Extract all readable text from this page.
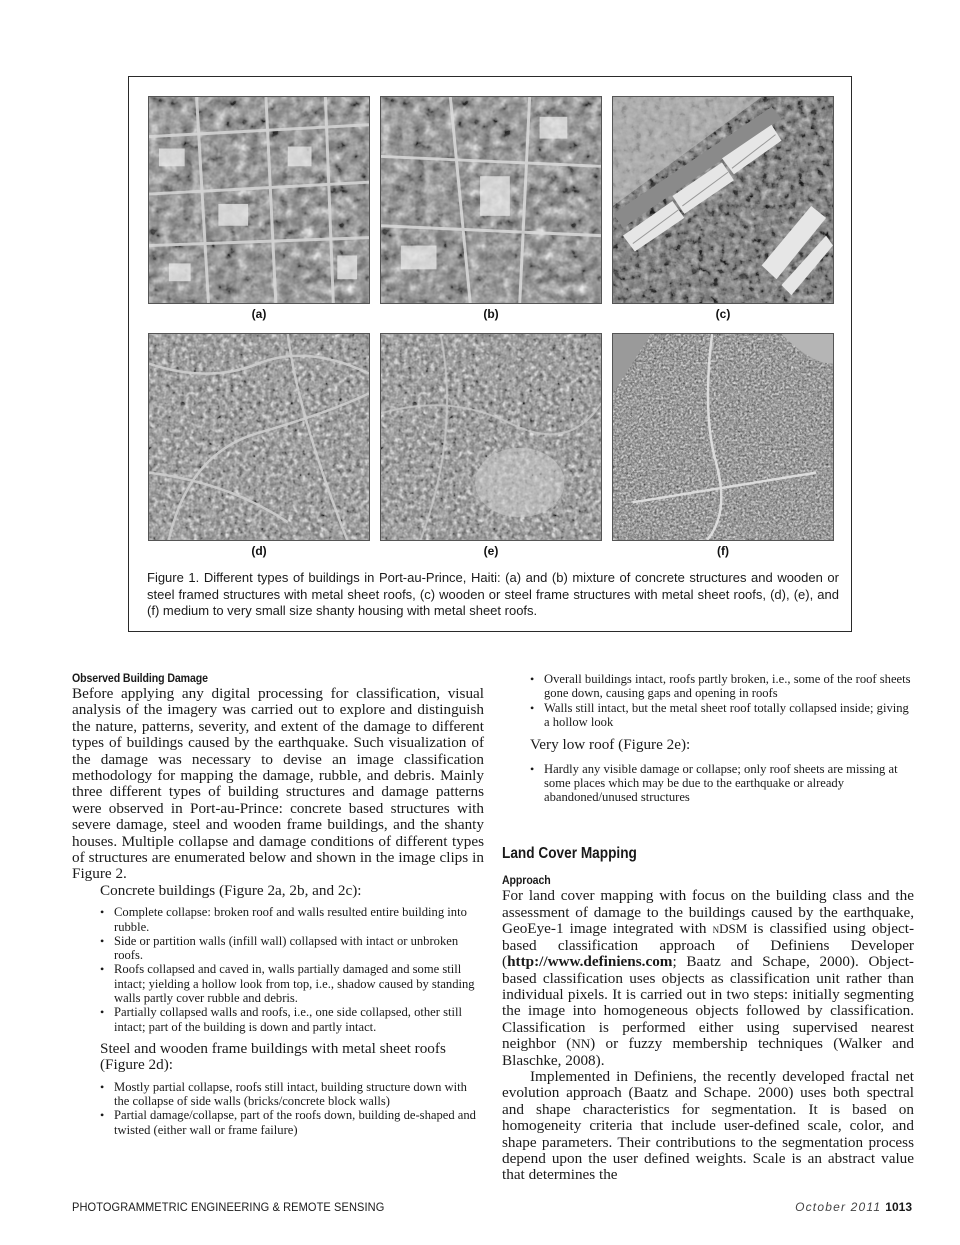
(a)	(b)	(c)
(d)	(e)	(f)
Figure 1. Different types of buildings in Port-au-Prince, Haiti: (a) and (b) mixture of concrete structures and wooden or steel framed structures with metal sheet roofs, (c) wooden or steel frame structures with metal sheet roofs, (d), (e), and (f) medium to very small size shanty housing with metal sheet roofs.
Observed Building Damage

Before applying any digital processing for classification, visual analysis of the imagery was carried out to explore and distinguish the nature, patterns, severity, and extent of the damage to different types of buildings caused by the earthquake. Such visualization of the damage was necessary to devise an image classification methodology for mapping the damage, rubble, and debris. Mainly three different types of building structures and damage patterns were observed in Port-au-Prince: concrete based structures with severe damage, steel and wooden frame buildings, and the shanty houses. Multiple collapse and damage conditions of different types of structures are enumerated below and shown in the image clips in Figure 2.

Concrete buildings (Figure 2a, 2b, and 2c):

• Complete collapse: broken roof and walls resulted entire building into rubble.
• Side or partition walls (infill wall) collapsed with intact or unbroken roofs.
• Roofs collapsed and caved in, walls partially damaged and some still intact; yielding a hollow look from top, i.e., shadow caused by standing walls partly cover rubble and debris.
• Partially collapsed walls and roofs, i.e., one side collapsed, other still intact; part of the building is down and partly intact.

Steel and wooden frame buildings with metal sheet roofs (Figure 2d):

• Mostly partial collapse, roofs still intact, building structure down with the collapse of side walls (bricks/concrete block walls)
• Partial damage/collapse, part of the roofs down, building de-shaped and twisted (either wall or frame failure)
• Overall buildings intact, roofs partly broken, i.e., some of the roof sheets gone down, causing gaps and opening in roofs
• Walls still intact, but the metal sheet roof totally collapsed inside; giving a hollow look

Very low roof (Figure 2e):

• Hardly any visible damage or collapse; only roof sheets are missing at some places which may be due to the earthquake or already abandoned/unused structures
Land Cover Mapping
Approach

For land cover mapping with focus on the building class and the assessment of damage to the buildings caused by the earthquake, GeoEye-1 image integrated with nDSM is classified using object-based classification approach of Definiens Developer (http://www.definiens.com; Baatz and Schape, 2000). Object-based classification uses objects as classification unit rather than individual pixels. It is carried out in two steps: initially segmenting the image into homogeneous objects followed by classification. Classification is performed either using supervised nearest neighbor (NN) or fuzzy membership techniques (Walker and Blaschke, 2008).

Implemented in Definiens, the recently developed fractal net evolution approach (Baatz and Schape. 2000) uses both spectral and shape characteristics for segmentation. It is based on homogeneity criteria that include user-defined scale, color, and shape parameters. Their contributions to the segmentation process depend upon the user defined weights. Scale is an abstract value that determines the

PHOTOGRAMMETRIC ENGINEERING & REMOTE SENSING	October 2011 1013
